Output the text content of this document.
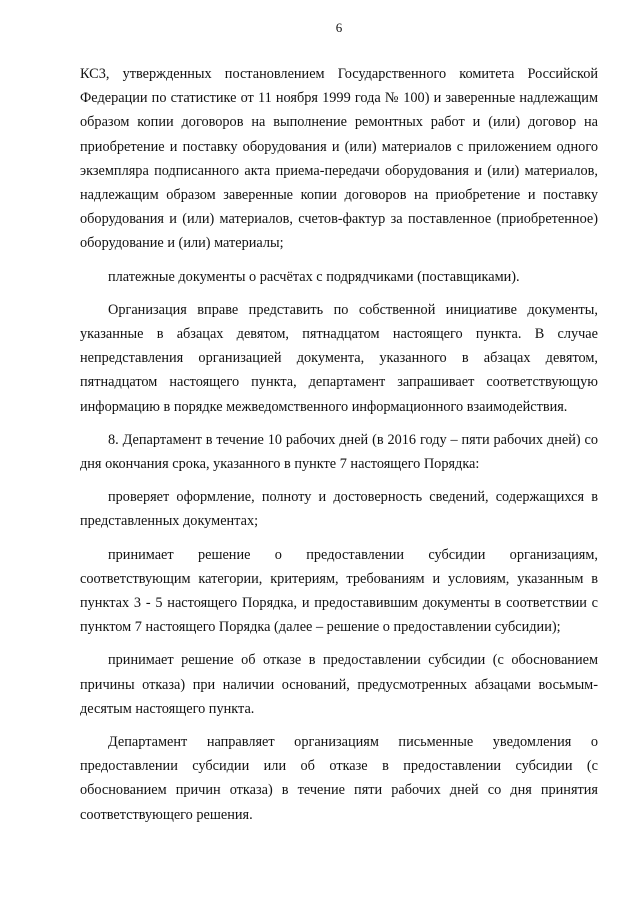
6

КС3, утвержденных постановлением Государственного комитета Российской Федерации по статистике от 11 ноября 1999 года № 100) и заверенные надлежащим образом копии договоров на выполнение ремонтных работ и (или) договор на приобретение и поставку оборудования и (или) материалов с приложением одного экземпляра подписанного акта приема-передачи оборудования и (или) материалов, надлежащим образом заверенные копии договоров на приобретение и поставку оборудования и (или) материалов, счетов-фактур за поставленное (приобретенное) оборудование и (или) материалы;

платежные документы о расчётах с подрядчиками (поставщиками).

Организация вправе представить по собственной инициативе документы, указанные в абзацах девятом, пятнадцатом настоящего пункта. В случае непредставления организацией документа, указанного в абзацах девятом, пятнадцатом настоящего пункта, департамент запрашивает соответствующую информацию в порядке межведомственного информационного взаимодействия.

8. Департамент в течение 10 рабочих дней (в 2016 году – пяти рабочих дней) со дня окончания срока, указанного в пункте 7 настоящего Порядка:

проверяет оформление, полноту и достоверность сведений, содержащихся в представленных документах;

принимает решение о предоставлении субсидии организациям, соответствующим категории, критериям, требованиям и условиям, указанным в пунктах 3 - 5 настоящего Порядка, и предоставившим документы в соответствии с пунктом 7 настоящего Порядка (далее – решение о предоставлении субсидии);

принимает решение об отказе в предоставлении субсидии (с обоснованием причины отказа) при наличии оснований, предусмотренных абзацами восьмым-десятым настоящего пункта.

Департамент направляет организациям письменные уведомления о предоставлении субсидии или об отказе в предоставлении субсидии (с обоснованием причин отказа) в течение пяти рабочих дней со дня принятия соответствующего решения.
